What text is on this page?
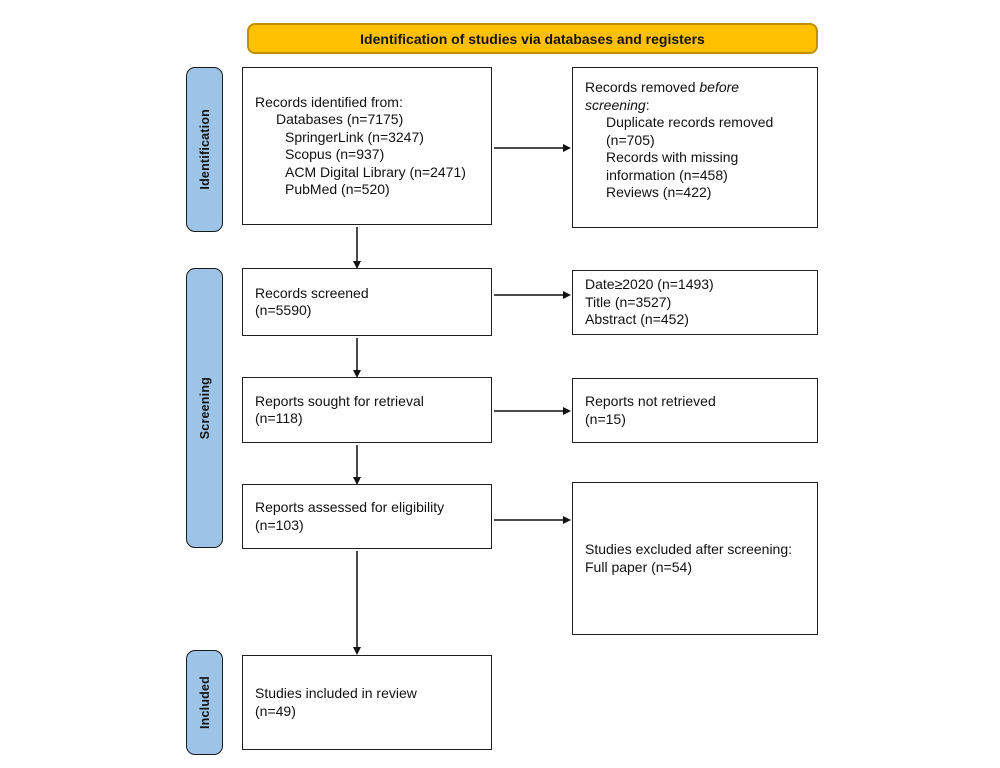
Identification of studies via databases and registers
Identification
Screening
Included
Records identified from:
Databases (n=7175)
SpringerLink (n=3247)
Scopus (n=937)
ACM Digital Library (n=2471)
PubMed (n=520)
Records removed before screening:
Duplicate records removed (n=705)
Records with missing information (n=458)
Reviews (n=422)
Records screened
(n=5590)
Date≥2020 (n=1493)
Title (n=3527)
Abstract (n=452)
Reports sought for retrieval
(n=118)
Reports not retrieved
(n=15)
Reports assessed for eligibility
(n=103)
Studies excluded after screening:
Full paper (n=54)
Studies included in review
(n=49)
